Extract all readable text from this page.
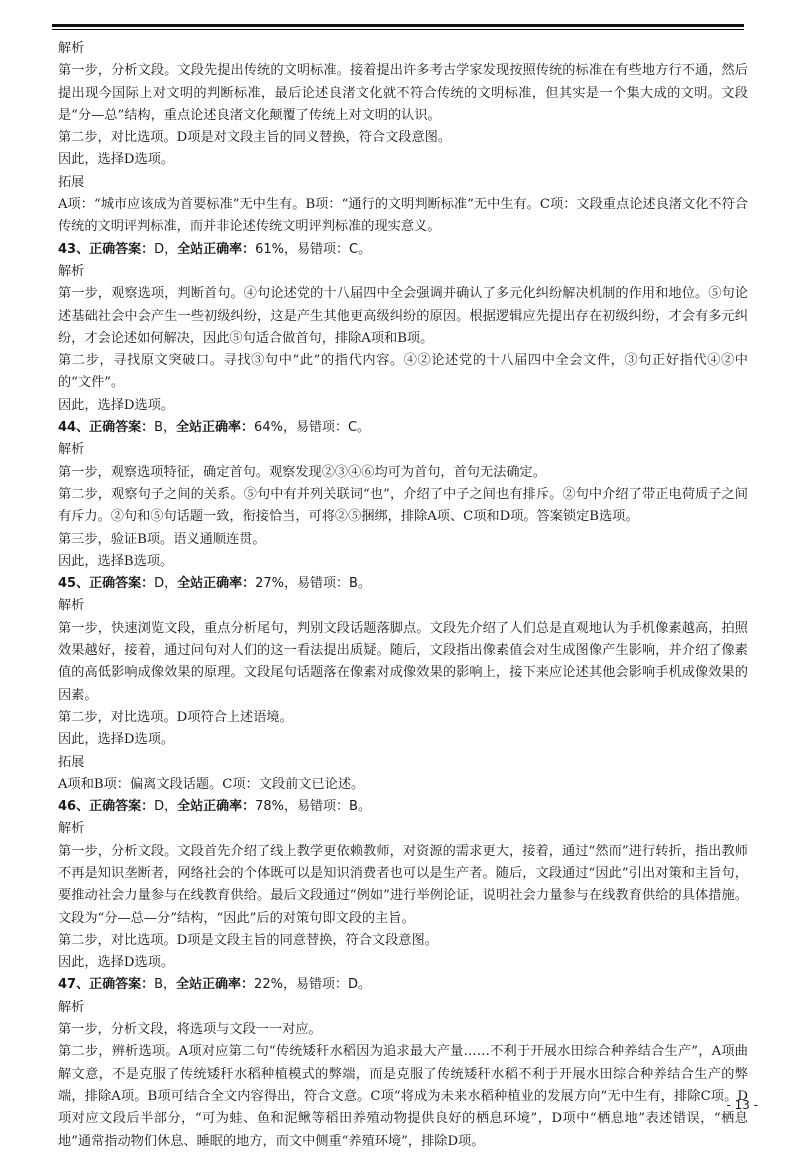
解析
第一步，分析文段。文段先提出传统的文明标准。接着提出许多考古学家发现按照传统的标准在有些地方行不通，然后提出现今国际上对文明的判断标准，最后论述良渚文化就不符合传统的文明标准，但其实是一个集大成的文明。文段是“分—总”结构，重点论述良渚文化颠覆了传统上对文明的认识。
第二步，对比选项。D项是对文段主旨的同义替换，符合文段意图。
因此，选择D选项。
拓展
A项：“城市应该成为首要标准”无中生有。B项：“通行的文明判断标准”无中生有。C项：文段重点论述良渚文化不符合传统的文明评判标准，而并非论述传统文明评判标准的现实意义。
43、正确答案：D，全站正确率：61%，易错项：C。
解析
第一步，观察选项，判断首句。④句论述党的十八届四中全会强调并确认了多元化纠纷解决机制的作用和地位。⑤句论述基础社会中会产生一些初级纠纷，这是产生其他更高级纠纷的原因。根据逻辑应先提出存在初级纠纷，才会有多元纠纷，才会论述如何解决，因此⑤句适合做首句，排除A项和B项。
第二步，寻找原文突破口。寻找③句中“此”的指代内容。④②论述党的十八届四中全会文件，③句正好指代④②中的“文件”。
因此，选择D选项。
44、正确答案：B，全站正确率：64%，易错项：C。
解析
第一步，观察选项特征，确定首句。观察发现②③④⑥均可为首句，首句无法确定。
第二步，观察句子之间的关系。⑤句中有并列关联词“也”，介绍了中子之间也有排斥。②句中介绍了带正电荷质子之间有斥力。②句和⑤句话题一致，衔接恰当，可将②⑤捆绑，排除A项、C项和D项。答案锁定B选项。
第三步，验证B项。语义通顺连贯。
因此，选择B选项。
45、正确答案：D，全站正确率：27%，易错项：B。
解析
第一步，快速浏览文段，重点分析尾句，判别文段话题落脚点。文段先介绍了人们总是直观地认为手机像素越高，拍照效果越好，接着，通过问句对人们的这一看法提出质疑。随后，文段指出像素值会对生成图像产生影响，并介绍了像素值的高低影响成像效果的原理。文段尾句话题落在像素对成像效果的影响上，接下来应论述其他会影响手机成像效果的因素。
第二步，对比选项。D项符合上述语境。
因此，选择D选项。
拓展
A项和B项：偏离文段话题。C项：文段前文已论述。
46、正确答案：D，全站正确率：78%，易错项：B。
解析
第一步，分析文段。文段首先介绍了线上教学更依赖教师，对资源的需求更大，接着，通过“然而”进行转折，指出教师不再是知识垄断者，网络社会的个体既可以是知识消费者也可以是生产者。随后，文段通过“因此”引出对策和主旨句，要推动社会力量参与在线教育供给。最后文段通过“例如”进行举例论证，说明社会力量参与在线教育供给的具体措施。文段为“分—总—分”结构，“因此”后的对策句即文段的主旨。
第二步，对比选项。D项是文段主旨的同意替换，符合文段意图。
因此，选择D选项。
47、正确答案：B，全站正确率：22%，易错项：D。
解析
第一步，分析文段，将选项与文段一一对应。
第二步，辨析选项。A项对应第二句“传统矮秆水稻因为追求最大产量……不利于开展水田综合种养结合生产”，A项曲解文意，不是克服了传统矮秆水稻种植模式的弊端，而是克服了传统矮秆水稻不利于开展水田综合种养结合生产的弊端，排除A项。B项可结合全文内容得出，符合文意。C项“将成为未来水稻种植业的发展方向”无中生有，排除C项。D项对应文段后半部分，“可为蛙、鱼和泥鳅等稻田养殖动物提供良好的栖息环境”，D项中“栖息地”表述错误，“栖息地”通常指动物们休息、睡眠的地方，而文中侧重“养殖环境”，排除D项。
- 13 -
